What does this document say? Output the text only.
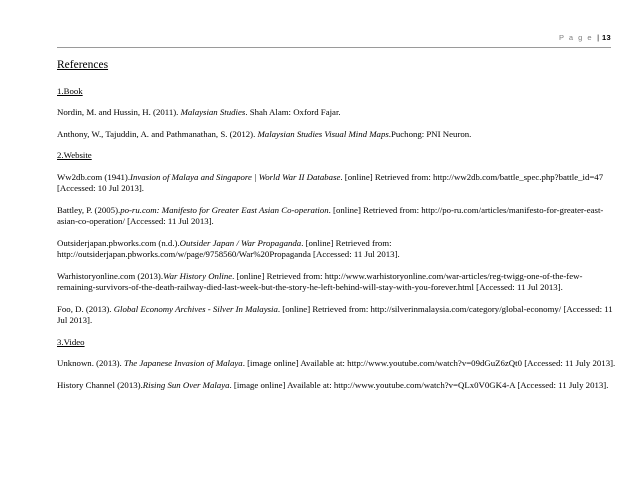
P a g e | 13
References
1.Book
Nordin, M. and Hussin, H. (2011). Malaysian Studies. Shah Alam: Oxford Fajar.
Anthony, W., Tajuddin, A. and Pathmanathan, S. (2012). Malaysian Studies Visual Mind Maps.Puchong: PNI Neuron.
2.Website
Ww2db.com (1941).Invasion of Malaya and Singapore | World War II Database. [online] Retrieved from: http://ww2db.com/battle_spec.php?battle_id=47 [Accessed: 10 Jul 2013].
Battley, P. (2005).po-ru.com: Manifesto for Greater East Asian Co-operation. [online] Retrieved from: http://po-ru.com/articles/manifesto-for-greater-east-asian-co-operation/ [Accessed: 11 Jul 2013].
Outsiderjapan.pbworks.com (n.d.).Outsider Japan / War Propaganda. [online] Retrieved from: http://outsiderjapan.pbworks.com/w/page/9758560/War%20Propaganda [Accessed: 11 Jul 2013].
Warhistoryonline.com (2013).War History Online. [online] Retrieved from: http://www.warhistoryonline.com/war-articles/reg-twigg-one-of-the-few-remaining-survivors-of-the-death-railway-died-last-week-but-the-story-he-left-behind-will-stay-with-you-forever.html [Accessed: 11 Jul 2013].
Foo, D. (2013). Global Economy Archives - Silver In Malaysia. [online] Retrieved from: http://silverinmalaysia.com/category/global-economy/ [Accessed: 11 Jul 2013].
3.Video
Unknown. (2013). The Japanese Invasion of Malaya. [image online] Available at: http://www.youtube.com/watch?v=09dGuZ6zQt0 [Accessed: 11 July 2013].
History Channel (2013).Rising Sun Over Malaya. [image online] Available at: http://www.youtube.com/watch?v=QLx0V0GK4-A [Accessed: 11 July 2013].
